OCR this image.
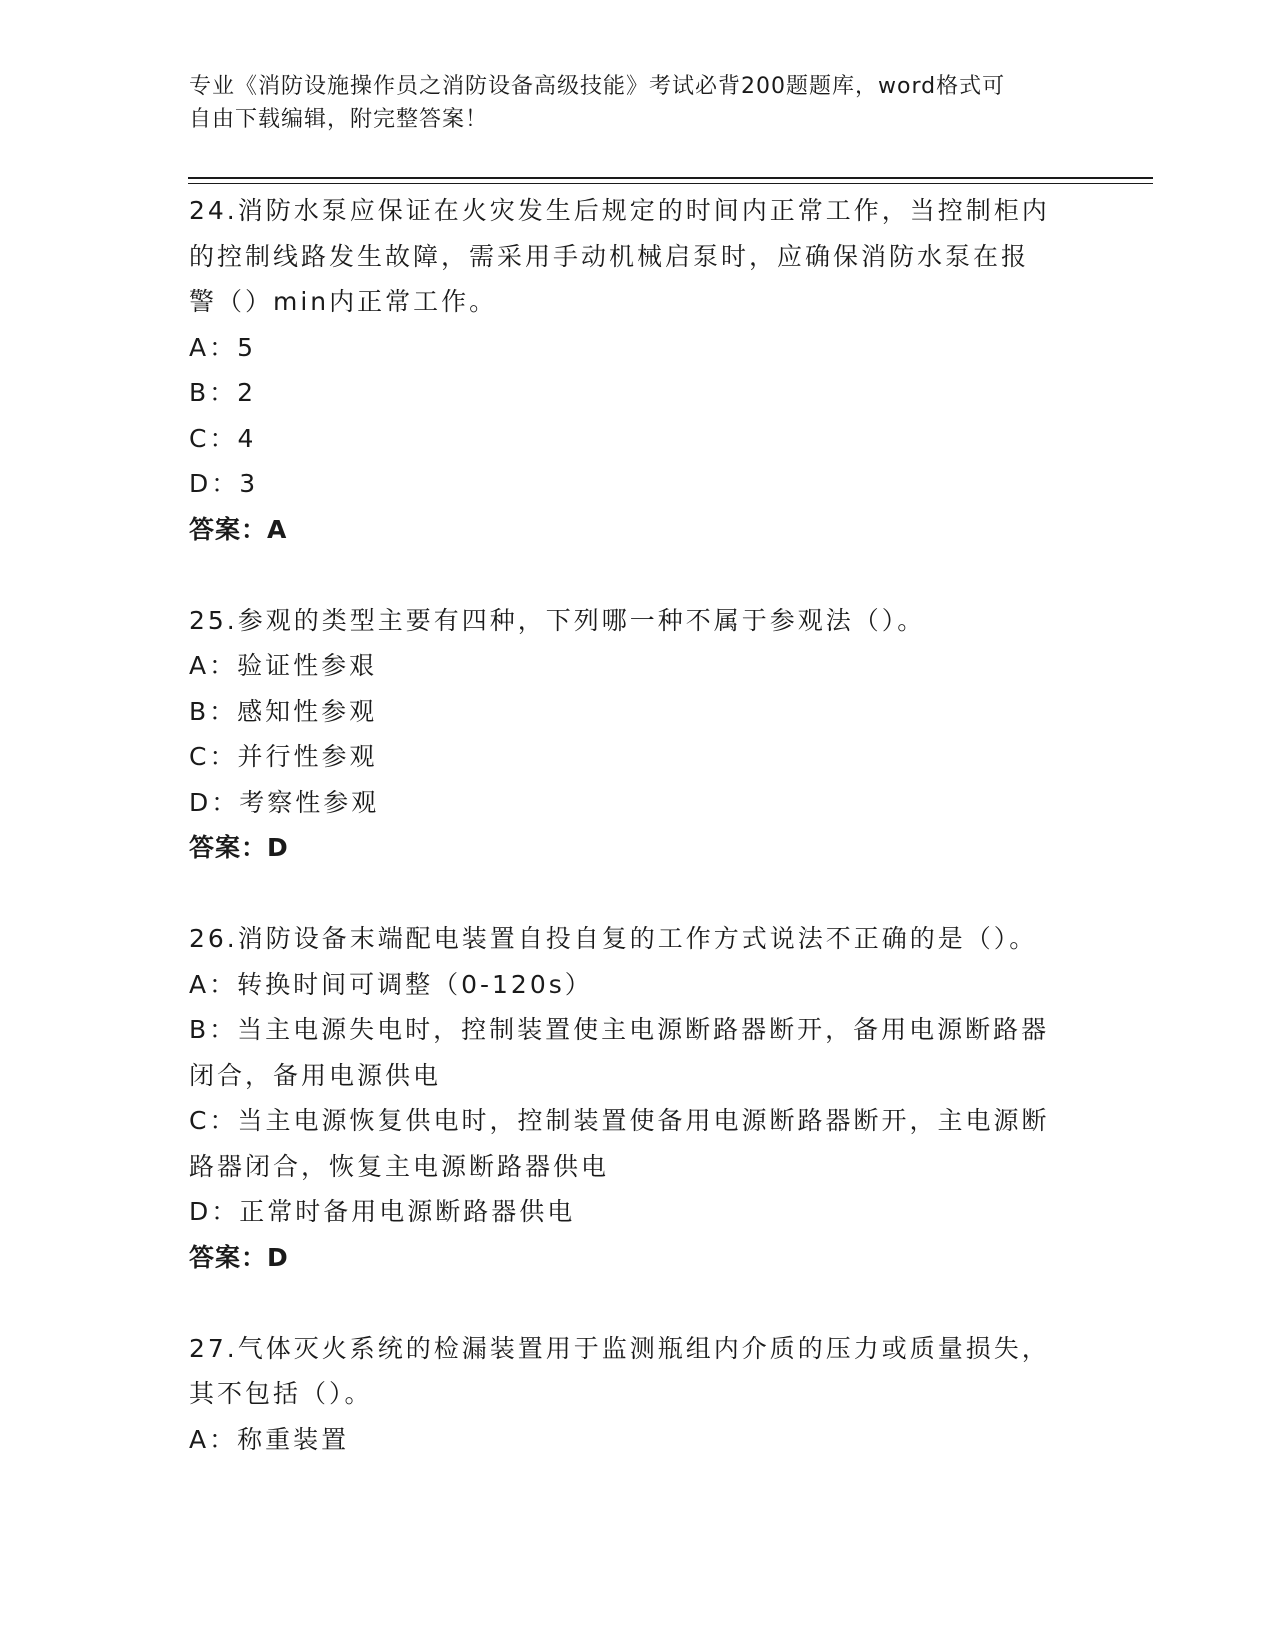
专业《消防设施操作员之消防设备高级技能》考试必背200题题库，word格式可
自由下载编辑，附完整答案！
24.消防水泵应保证在火灾发生后规定的时间内正常工作，当控制柜内
的控制线路发生故障，需采用手动机械启泵时，应确保消防水泵在报
警（）min内正常工作。
A：5
B：2
C：4
D：3
答案：A
25.参观的类型主要有四种，下列哪一种不属于参观法（）。
A：验证性参艰
B：感知性参观
C：并行性参观
D：考察性参观
答案：D
26.消防设备末端配电装置自投自复的工作方式说法不正确的是（）。
A：转换时间可调整（0-120s）
B：当主电源失电时，控制装置使主电源断路器断开，备用电源断路器
闭合，备用电源供电
C：当主电源恢复供电时，控制装置使备用电源断路器断开，主电源断
路器闭合，恢复主电源断路器供电
D：正常时备用电源断路器供电
答案：D
27.气体灭火系统的检漏装置用于监测瓶组内介质的压力或质量损失，
其不包括（）。
A：称重装置
